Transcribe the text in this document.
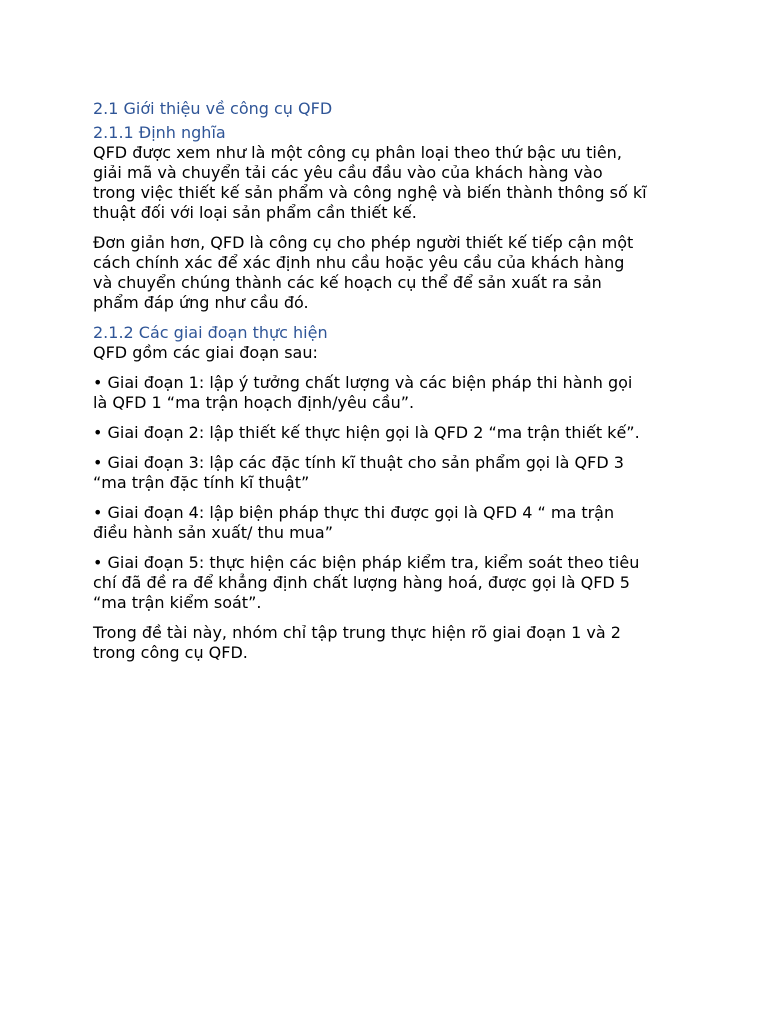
2.1 Giới thiệu về công cụ QFD
2.1.1 Định nghĩa
QFD được xem như là một công cụ phân loại theo thứ bậc ưu tiên,
giải mã và chuyển tải các yêu cầu đầu vào của khách hàng vào
trong việc thiết kế sản phẩm và công nghệ và biến thành thông số kĩ
thuật đối với loại sản phẩm cần thiết kế.
Đơn giản hơn, QFD là công cụ cho phép người thiết kế tiếp cận một
cách chính xác để xác định nhu cầu hoặc yêu cầu của khách hàng
và chuyển chúng thành các kế hoạch cụ thể để sản xuất ra sản
phẩm đáp ứng như cầu đó.
2.1.2 Các giai đoạn thực hiện
QFD gồm các giai đoạn sau:
• Giai đoạn 1: lập ý tưởng chất lượng và các biện pháp thi hành gọi
là QFD 1 “ma trận hoạch định/yêu cầu”.
• Giai đoạn 2: lập thiết kế thực hiện gọi là QFD 2 “ma trận thiết kế”.
• Giai đoạn 3: lập các đặc tính kĩ thuật cho sản phẩm gọi là QFD 3
“ma trận đặc tính kĩ thuật”
• Giai đoạn 4: lập biện pháp thực thi được gọi là QFD 4 “ ma trận
điều hành sản xuất/ thu mua”
• Giai đoạn 5: thực hiện các biện pháp kiểm tra, kiểm soát theo tiêu
chí đã đề ra để khẳng định chất lượng hàng hoá, được gọi là QFD 5
“ma trận kiểm soát”.
Trong đề tài này, nhóm chỉ tập trung thực hiện rõ giai đoạn 1 và 2
trong công cụ QFD.
